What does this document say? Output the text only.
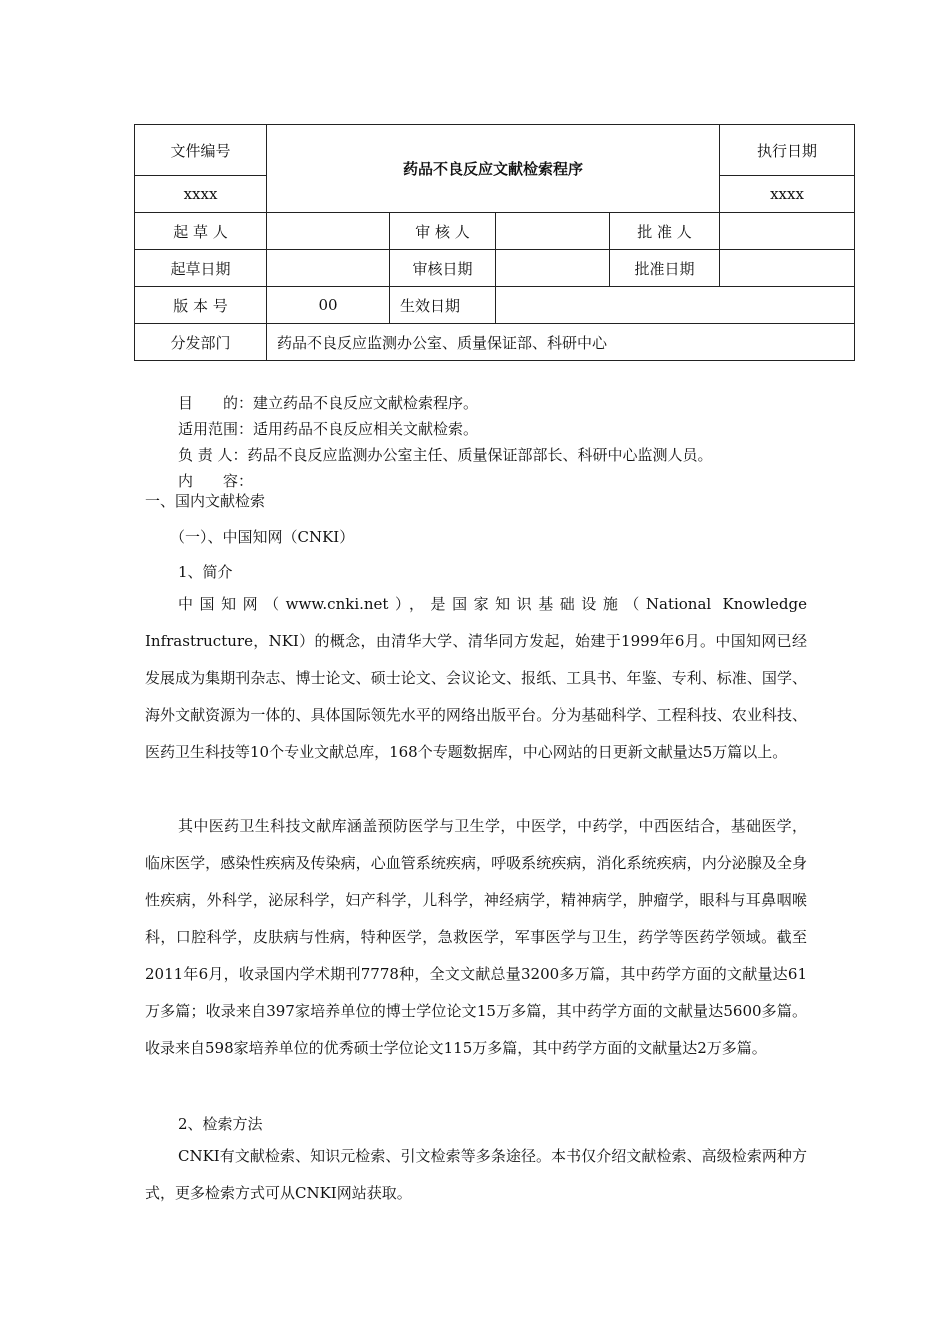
文件编号	药品不良反应文献检索程序				执行日期
xxxx					xxxx
起 草 人		审 核 人		批 准 人	
起草日期		审核日期		批准日期	
版 本 号	00	生效日期			
分发部门	药品不良反应监测办公室、质量保证部、科研中心				
目　　的：建立药品不良反应文献检索程序。
适用范围：适用药品不良反应相关文献检索。
负 责 人：药品不良反应监测办公室主任、质量保证部部长、科研中心监测人员。
内　　容：
一、国内文献检索
（一）、中国知网（CNKI）
1、简介

中国知网（www.cnki.net），是国家知识基础设施（National Knowledge Infrastructure，NKI）的概念，由清华大学、清华同方发起，始建于1999年6月。中国知网已经发展成为集期刊杂志、博士论文、硕士论文、会议论文、报纸、工具书、年鉴、专利、标准、国学、海外文献资源为一体的、具体国际领先水平的网络出版平台。分为基础科学、工程科技、农业科技、医药卫生科技等10个专业文献总库，168个专题数据库，中心网站的日更新文献量达5万篇以上。

其中医药卫生科技文献库涵盖预防医学与卫生学，中医学，中药学，中西医结合，基础医学，临床医学，感染性疾病及传染病，心血管系统疾病，呼吸系统疾病，消化系统疾病，内分泌腺及全身性疾病，外科学，泌尿科学，妇产科学，儿科学，神经病学，精神病学，肿瘤学，眼科与耳鼻咽喉科，口腔科学，皮肤病与性病，特种医学，急救医学，军事医学与卫生，药学等医药学领域。截至2011年6月，收录国内学术期刊7778种，全文文献总量3200多万篇，其中药学方面的文献量达61万多篇；收录来自397家培养单位的博士学位论文15万多篇，其中药学方面的文献量达5600多篇。收录来自598家培养单位的优秀硕士学位论文115万多篇，其中药学方面的文献量达2万多篇。

2、检索方法

CNKI有文献检索、知识元检索、引文检索等多条途径。本书仅介绍文献检索、高级检索两种方式，更多检索方式可从CNKI网站获取。
